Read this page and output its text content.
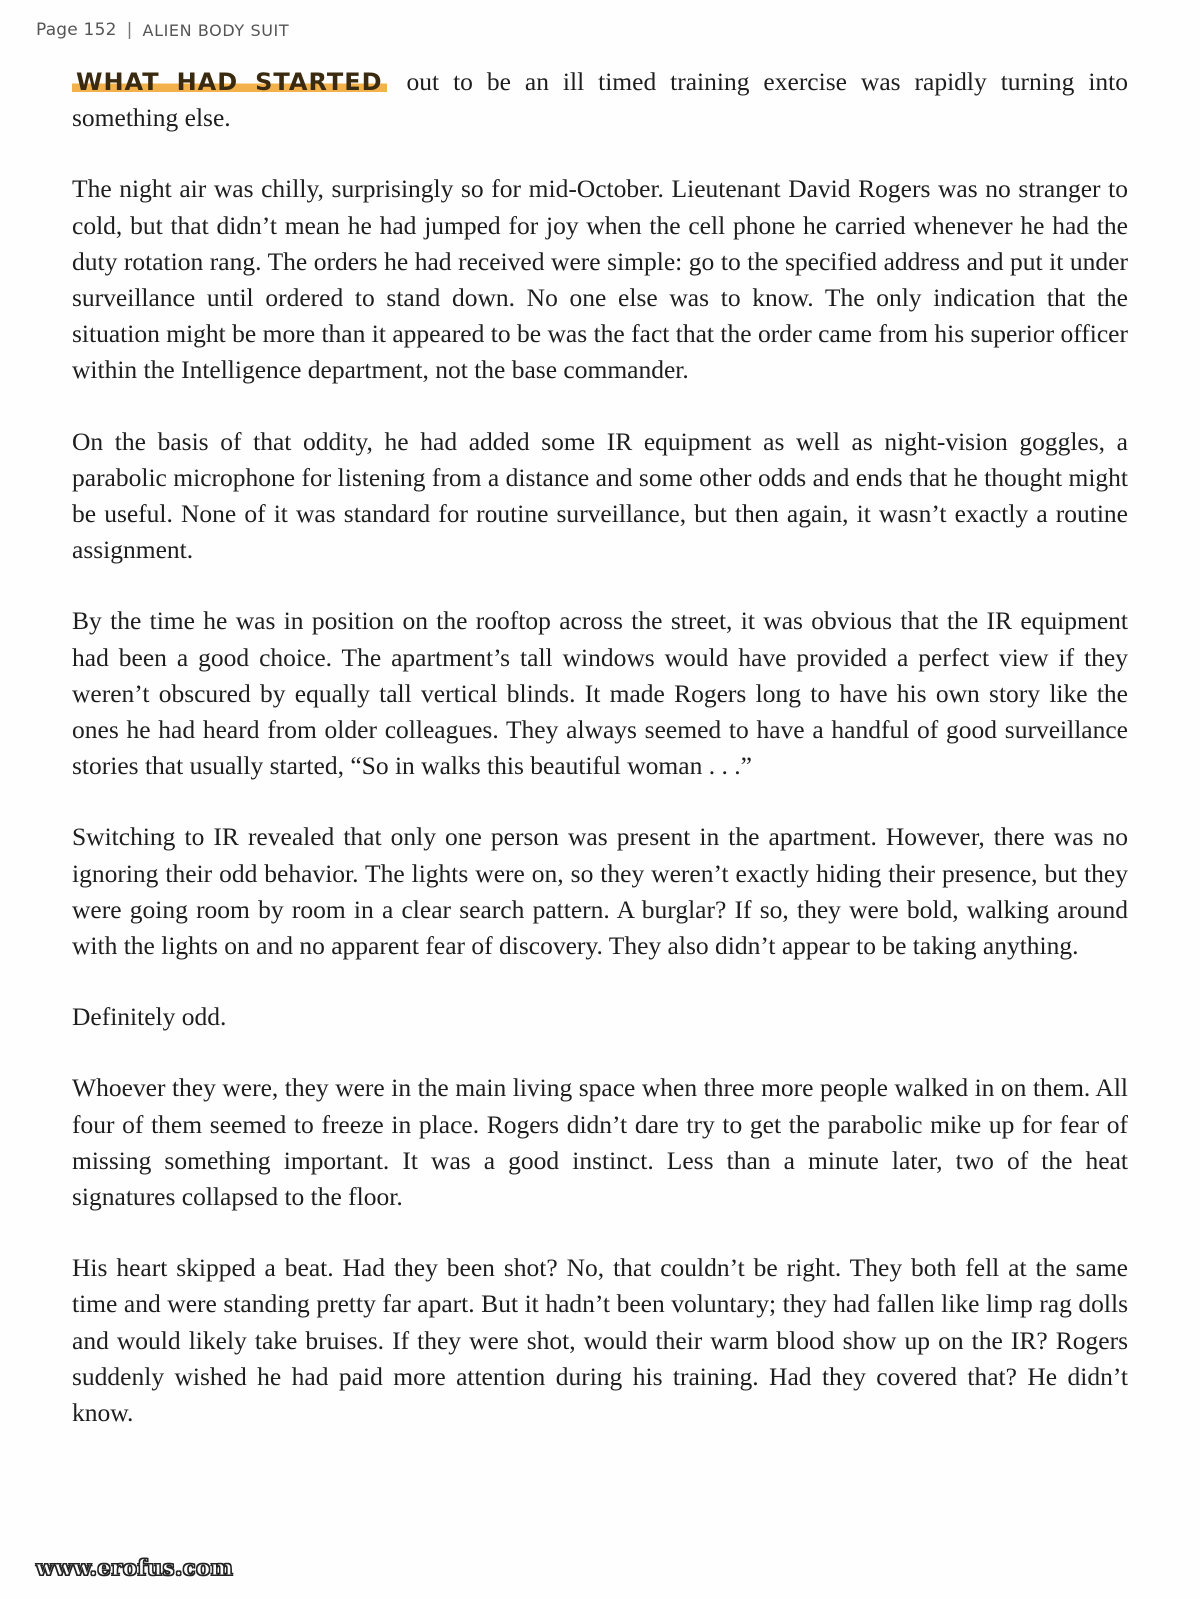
Page 152 | ALIEN BODY SUIT

WHAT HAD STARTED out to be an ill timed training exercise was rapidly turning into something else.

The night air was chilly, surprisingly so for mid-October. Lieutenant David Rogers was no stranger to cold, but that didn’t mean he had jumped for joy when the cell phone he carried whenever he had the duty rotation rang. The orders he had received were simple: go to the specified address and put it under surveillance until ordered to stand down. No one else was to know. The only indication that the situation might be more than it appeared to be was the fact that the order came from his superior officer within the Intelligence department, not the base commander.

On the basis of that oddity, he had added some IR equipment as well as night-vision goggles, a parabolic microphone for listening from a distance and some other odds and ends that he thought might be useful. None of it was standard for routine surveillance, but then again, it wasn’t exactly a routine assignment.

By the time he was in position on the rooftop across the street, it was obvious that the IR equipment had been a good choice. The apartment’s tall windows would have provided a perfect view if they weren’t obscured by equally tall vertical blinds. It made Rogers long to have his own story like the ones he had heard from older colleagues. They always seemed to have a handful of good surveillance stories that usually started, “So in walks this beautiful woman . . .”

Switching to IR revealed that only one person was present in the apartment. However, there was no ignoring their odd behavior. The lights were on, so they weren’t exactly hiding their presence, but they were going room by room in a clear search pattern. A burglar? If so, they were bold, walking around with the lights on and no apparent fear of discovery. They also didn’t appear to be taking anything.

Definitely odd.

Whoever they were, they were in the main living space when three more people walked in on them. All four of them seemed to freeze in place. Rogers didn’t dare try to get the parabolic mike up for fear of missing something important. It was a good instinct. Less than a minute later, two of the heat signatures collapsed to the floor.

His heart skipped a beat. Had they been shot? No, that couldn’t be right. They both fell at the same time and were standing pretty far apart. But it hadn’t been voluntary; they had fallen like limp rag dolls and would likely take bruises. If they were shot, would their warm blood show up on the IR? Rogers suddenly wished he had paid more attention during his training. Had they covered that? He didn’t know.

www.erofus.com
